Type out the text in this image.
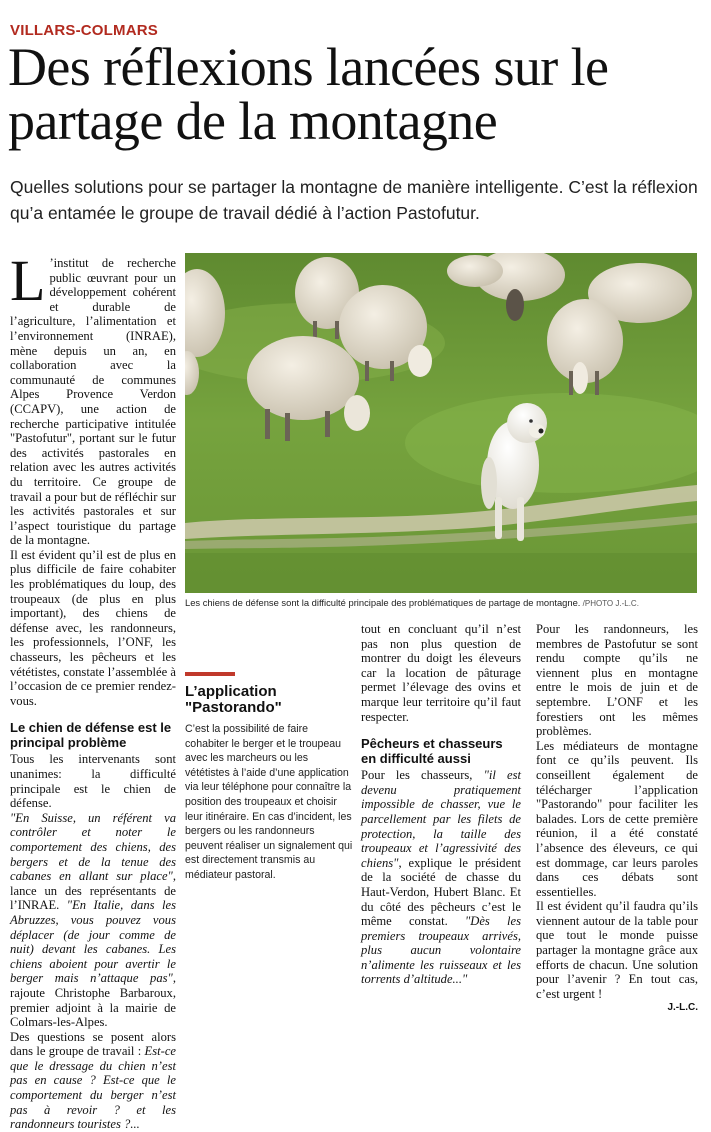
VILLARS-COLMARS
Des réflexions lancées sur le partage de la montagne

Quelles solutions pour se partager la montagne de manière intelligente. C’est la réflexion qu’a entamée le groupe de travail dédié à l’action Pastofutur.

L ’institut de recherche public œuvrant pour un développement cohérent et durable de l’agriculture, l’alimentation et l’environnement (INRAE), mène depuis un an, en collaboration avec la communauté de communes Alpes Provence Verdon (CCAPV), une action de recherche participative intitulée "Pastofutur", portant sur le futur des activités pastorales en relation avec les autres activités du territoire. Ce groupe de travail a pour but de réfléchir sur les activités pastorales et sur l’aspect touristique du partage de la montagne.

Il est évident qu’il est de plus en plus difficile de faire cohabiter les problématiques du loup, des troupeaux (de plus en plus important), des chiens de défense avec, les randonneurs, les professionnels, l’ONF, les chasseurs, les pêcheurs et les vététistes, constate l’assemblée à l’occasion de ce premier rendez-vous.

Le chien de défense est le principal problème

Tous les intervenants sont unanimes: la difficulté principale est le chien de défense.

"En Suisse, un référent va contrôler et noter le comportement des chiens, des bergers et de la tenue des cabanes en allant sur place", lance un des représentants de l’INRAE. "En Italie, dans les Abruzzes, vous pouvez vous déplacer (de jour comme de nuit) devant les cabanes. Les chiens aboient pour avertir le berger mais n’attaque pas", rajoute Christophe Barbaroux, premier adjoint à la mairie de Colmars-les-Alpes.

Des questions se posent alors dans le groupe de travail : Est-ce que le dressage du chien n’est pas en cause ? Est-ce que le comportement du berger n’est pas à revoir ? et les randonneurs touristes ?...

Les chiens de défense sont la difficulté principale des problématiques de partage de montagne. /PHOTO J.-L.C.
L’application "Pastorando"

C’est la possibilité de faire cohabiter le berger et le troupeau avec les marcheurs ou les vététistes à l’aide d’une application via leur téléphone pour connaître la position des troupeaux et choisir leur itinéraire. En cas d’incident, les bergers ou les randonneurs peuvent réaliser un signalement qui est directement transmis au médiateur pastoral.

tout en concluant qu’il n’est pas non plus question de montrer du doigt les éleveurs car la location de pâturage permet l’élevage des ovins et marque leur territoire qu’il faut respecter.

Pêcheurs et chasseurs en difficulté aussi

Pour les chasseurs, "il est devenu pratiquement impossible de chasser, vue le parcellement par les filets de protection, la taille des troupeaux et l’agressivité des chiens", explique le président de la société de chasse du Haut-Verdon, Hubert Blanc. Et du côté des pêcheurs c’est le même constat. "Dès les premiers troupeaux arrivés, plus aucun volontaire n’alimente les ruisseaux et les torrents d’altitude..."

Pour les randonneurs, les membres de Pastofutur se sont rendu compte qu’ils ne viennent plus en montagne entre le mois de juin et de septembre. L’ONF et les forestiers ont les mêmes problèmes.

Les médiateurs de montagne font ce qu’ils peuvent. Ils conseillent également de télécharger l’application "Pastorando" pour faciliter les balades. Lors de cette première réunion, il a été constaté l’absence des éleveurs, ce qui est dommage, car leurs paroles dans ces débats sont essentielles.

Il est évident qu’il faudra qu’ils viennent autour de la table pour que tout le monde puisse partager la montagne grâce aux efforts de chacun. Une solution pour l’avenir ? En tout cas, c’est urgent !

J.-L.C.
